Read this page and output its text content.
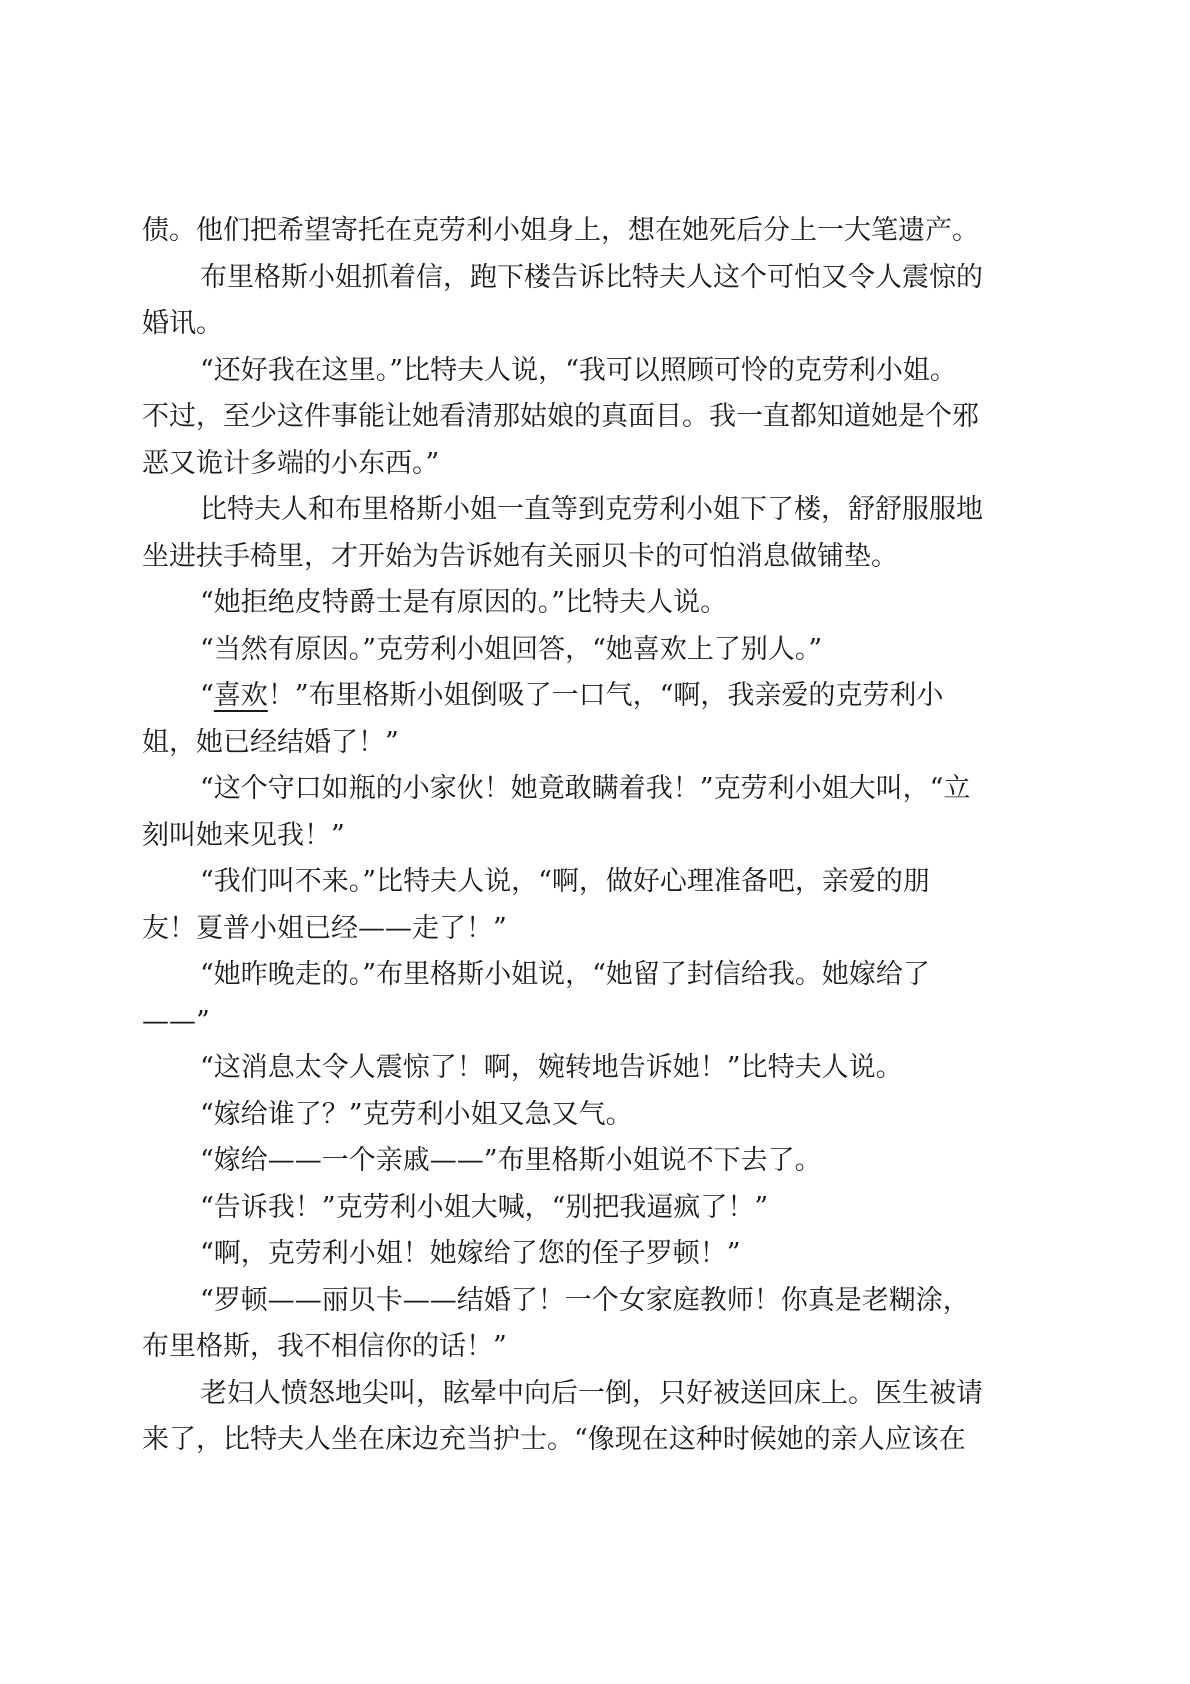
债。他们把希望寄托在克劳利小姐身上，想在她死后分上一大笔遗产。
布里格斯小姐抓着信，跑下楼告诉比特夫人这个可怕又令人震惊的
婚讯。
“还好我在这里。”比特夫人说，“我可以照顾可怜的克劳利小姐。
不过，至少这件事能让她看清那姑娘的真面目。我一直都知道她是个邪
恶又诡计多端的小东西。”
比特夫人和布里格斯小姐一直等到克劳利小姐下了楼，舒舒服服地
坐进扶手椅里，才开始为告诉她有关丽贝卡的可怕消息做铺垫。
“她拒绝皮特爵士是有原因的。”比特夫人说。
“当然有原因。”克劳利小姐回答，“她喜欢上了别人。”
“喜欢！”布里格斯小姐倒吸了一口气，“啊，我亲爱的克劳利小
姐，她已经结婚了！”
“这个守口如瓶的小家伙！她竟敢瞒着我！”克劳利小姐大叫，“立
刻叫她来见我！”
“我们叫不来。”比特夫人说，“啊，做好心理准备吧，亲爱的朋
友！夏普小姐已经——走了！”
“她昨晚走的。”布里格斯小姐说，“她留了封信给我。她嫁给了
——”
“这消息太令人震惊了！啊，婉转地告诉她！”比特夫人说。
“嫁给谁了？”克劳利小姐又急又气。
“嫁给——一个亲戚——”布里格斯小姐说不下去了。
“告诉我！”克劳利小姐大喊，“别把我逼疯了！”
“啊，克劳利小姐！她嫁给了您的侄子罗顿！”
“罗顿——丽贝卡——结婚了！一个女家庭教师！你真是老糊涂，
布里格斯，我不相信你的话！”
老妇人愤怒地尖叫，眩晕中向后一倒，只好被送回床上。医生被请
来了，比特夫人坐在床边充当护士。“像现在这种时候她的亲人应该在
